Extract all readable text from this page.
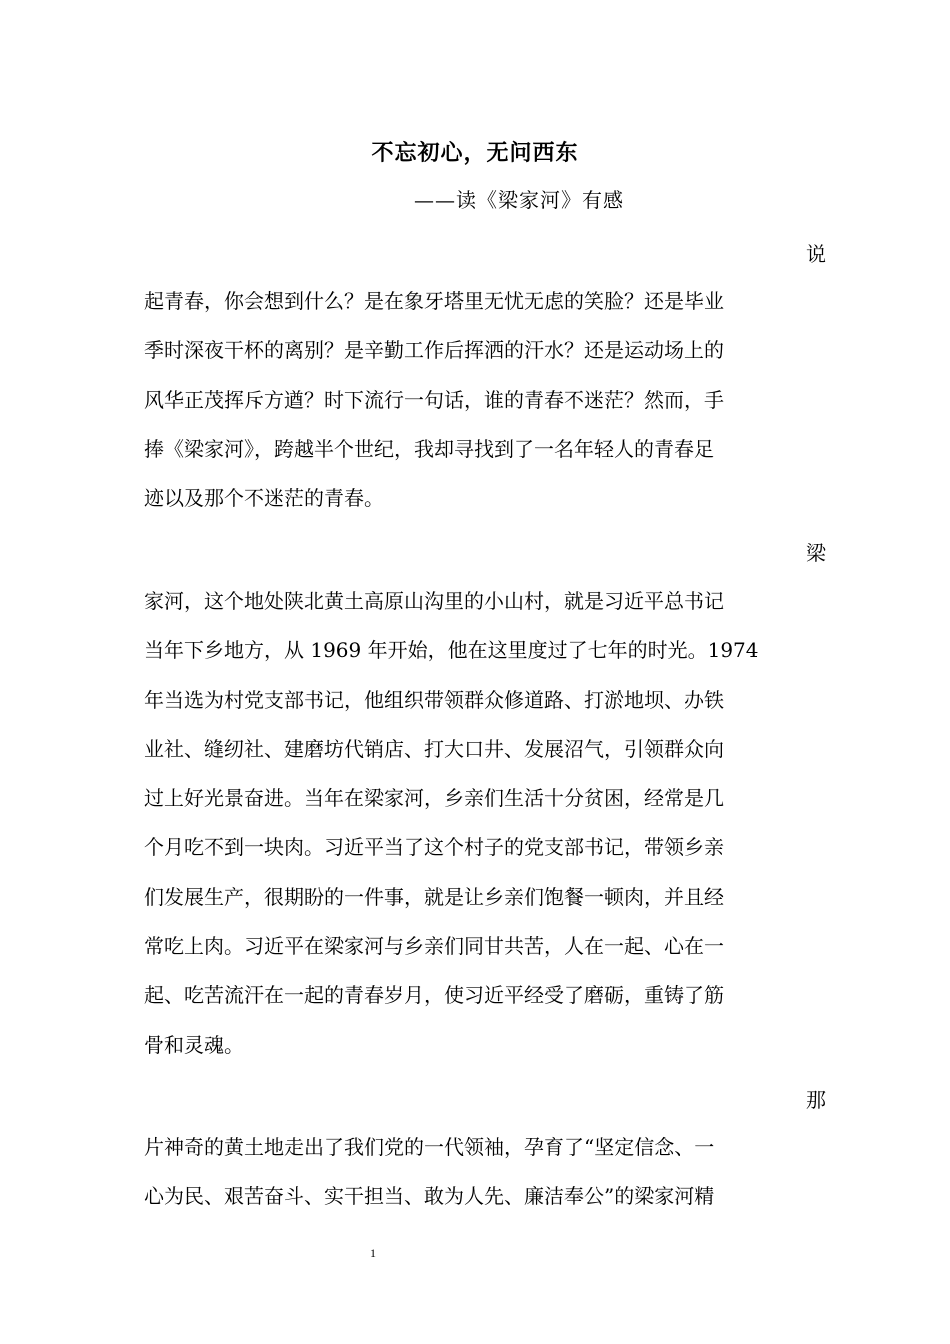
不忘初心，无问西东
——读《梁家河》有感
说
起青春，你会想到什么？是在象牙塔里无忧无虑的笑脸？还是毕业
季时深夜干杯的离别？是辛勤工作后挥洒的汗水？还是运动场上的
风华正茂挥斥方遒？时下流行一句话，谁的青春不迷茫？然而，手
捧《梁家河》，跨越半个世纪，我却寻找到了一名年轻人的青春足
迹以及那个不迷茫的青春。
梁
家河，这个地处陕北黄土高原山沟里的小山村，就是习近平总书记
当年下乡地方，从 1969 年开始，他在这里度过了七年的时光。1974
年当选为村党支部书记，他组织带领群众修道路、打淤地坝、办铁
业社、缝纫社、建磨坊代销店、打大口井、发展沼气，引领群众向
过上好光景奋进。当年在梁家河，乡亲们生活十分贫困，经常是几
个月吃不到一块肉。习近平当了这个村子的党支部书记，带领乡亲
们发展生产，很期盼的一件事，就是让乡亲们饱餐一顿肉，并且经
常吃上肉。习近平在梁家河与乡亲们同甘共苦，人在一起、心在一
起、吃苦流汗在一起的青春岁月，使习近平经受了磨砺，重铸了筋
骨和灵魂。
那
片神奇的黄土地走出了我们党的一代领袖，孕育了“坚定信念、一
心为民、艰苦奋斗、实干担当、敢为人先、廉洁奉公”的梁家河精
1
